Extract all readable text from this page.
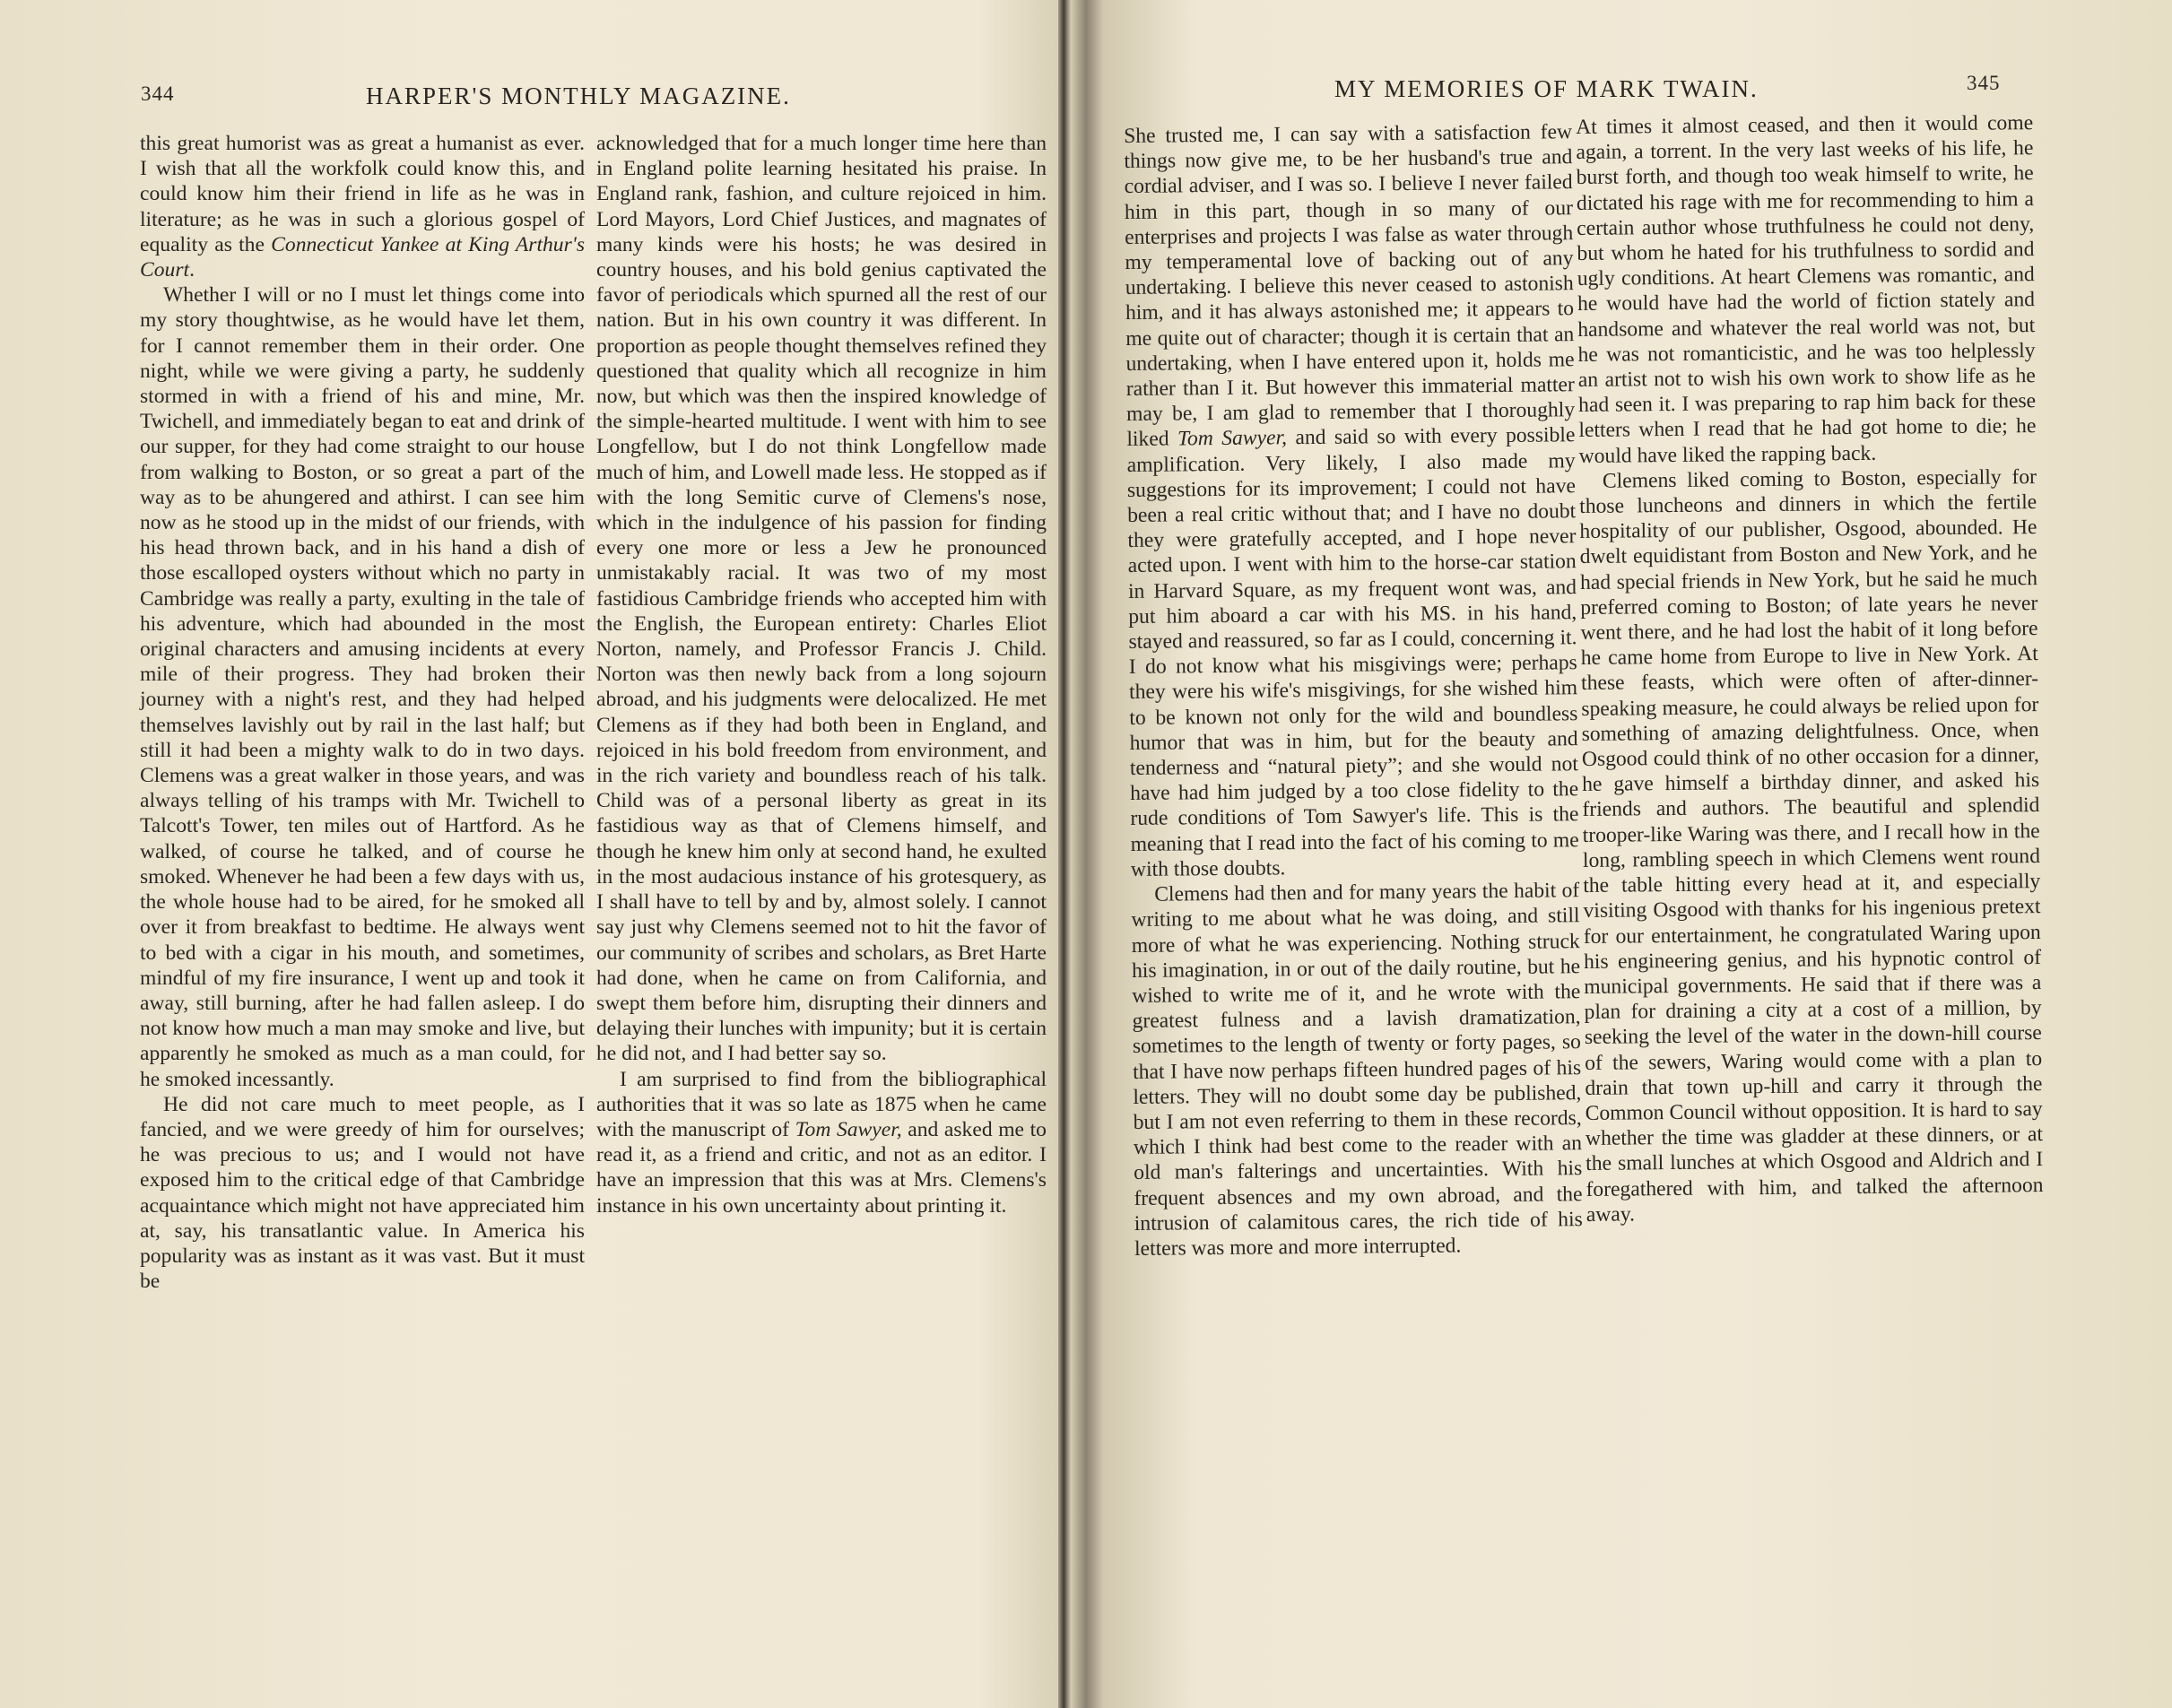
344	HARPER'S MONTHLY MAGAZINE.

this great humorist was as great a humanist as ever. I wish that all the workfolk could know this, and could know him their friend in life as he was in literature; as he was in such a glorious gospel of equality as the Connecticut Yankee at King Arthur's Court.

Whether I will or no I must let things come into my story thoughtwise, as he would have let them, for I cannot remember them in their order. One night, while we were giving a party, he suddenly stormed in with a friend of his and mine, Mr. Twichell, and immediately began to eat and drink of our supper, for they had come straight to our house from walking to Boston, or so great a part of the way as to be ahungered and athirst. I can see him now as he stood up in the midst of our friends, with his head thrown back, and in his hand a dish of those escalloped oysters without which no party in Cambridge was really a party, exulting in the tale of his adventure, which had abounded in the most original characters and amusing incidents at every mile of their progress. They had broken their journey with a night's rest, and they had helped themselves lavishly out by rail in the last half; but still it had been a mighty walk to do in two days. Clemens was a great walker in those years, and was always telling of his tramps with Mr. Twichell to Talcott's Tower, ten miles out of Hartford. As he walked, of course he talked, and of course he smoked. Whenever he had been a few days with us, the whole house had to be aired, for he smoked all over it from breakfast to bedtime. He always went to bed with a cigar in his mouth, and sometimes, mindful of my fire insurance, I went up and took it away, still burning, after he had fallen asleep. I do not know how much a man may smoke and live, but apparently he smoked as much as a man could, for he smoked incessantly.

He did not care much to meet people, as I fancied, and we were greedy of him for ourselves; he was precious to us; and I would not have exposed him to the critical edge of that Cambridge acquaintance which might not have appreciated him at, say, his transatlantic value. In America his popularity was as instant as it was vast. But it must be

acknowledged that for a much longer time here than in England polite learning hesitated his praise. In England rank, fashion, and culture rejoiced in him. Lord Mayors, Lord Chief Justices, and magnates of many kinds were his hosts; he was desired in country houses, and his bold genius captivated the favor of periodicals which spurned all the rest of our nation. But in his own country it was different. In proportion as people thought themselves refined they questioned that quality which all recognize in him now, but which was then the inspired knowledge of the simple-hearted multitude. I went with him to see Longfellow, but I do not think Longfellow made much of him, and Lowell made less. He stopped as if with the long Semitic curve of Clemens's nose, which in the indulgence of his passion for finding every one more or less a Jew he pronounced unmistakably racial. It was two of my most fastidious Cambridge friends who accepted him with the English, the European entirety: Charles Eliot Norton, namely, and Professor Francis J. Child. Norton was then newly back from a long sojourn abroad, and his judgments were delocalized. He met Clemens as if they had both been in England, and rejoiced in his bold freedom from environment, and in the rich variety and boundless reach of his talk. Child was of a personal liberty as great in its fastidious way as that of Clemens himself, and though he knew him only at second hand, he exulted in the most audacious instance of his grotesquery, as I shall have to tell by and by, almost solely. I cannot say just why Clemens seemed not to hit the favor of our community of scribes and scholars, as Bret Harte had done, when he came on from California, and swept them before him, disrupting their dinners and delaying their lunches with impunity; but it is certain he did not, and I had better say so.

I am surprised to find from the bibliographical authorities that it was so late as 1875 when he came with the manuscript of Tom Sawyer, and asked me to read it, as a friend and critic, and not as an editor. I have an impression that this was at Mrs. Clemens's instance in his own uncertainty about printing it.

MY MEMORIES OF MARK TWAIN.	345

She trusted me, I can say with a satisfaction few things now give me, to be her husband's true and cordial adviser, and I was so. I believe I never failed him in this part, though in so many of our enterprises and projects I was false as water through my temperamental love of backing out of any undertaking. I believe this never ceased to astonish him, and it has always astonished me; it appears to me quite out of character; though it is certain that an undertaking, when I have entered upon it, holds me rather than I it. But however this immaterial matter may be, I am glad to remember that I thoroughly liked Tom Sawyer, and said so with every possible amplification. Very likely, I also made my suggestions for its improvement; I could not have been a real critic without that; and I have no doubt they were gratefully accepted, and I hope never acted upon. I went with him to the horse-car station in Harvard Square, as my frequent wont was, and put him aboard a car with his MS. in his hand, stayed and reassured, so far as I could, concerning it. I do not know what his misgivings were; perhaps they were his wife's misgivings, for she wished him to be known not only for the wild and boundless humor that was in him, but for the beauty and tenderness and “natural piety”; and she would not have had him judged by a too close fidelity to the rude conditions of Tom Sawyer's life. This is the meaning that I read into the fact of his coming to me with those doubts.

Clemens had then and for many years the habit of writing to me about what he was doing, and still more of what he was experiencing. Nothing struck his imagination, in or out of the daily routine, but he wished to write me of it, and he wrote with the greatest fulness and a lavish dramatization, sometimes to the length of twenty or forty pages, so that I have now perhaps fifteen hundred pages of his letters. They will no doubt some day be published, but I am not even referring to them in these records, which I think had best come to the reader with an old man's falterings and uncertainties. With his frequent absences and my own abroad, and the intrusion of calamitous cares, the rich tide of his letters was more and more interrupted.

At times it almost ceased, and then it would come again, a torrent. In the very last weeks of his life, he burst forth, and though too weak himself to write, he dictated his rage with me for recommending to him a certain author whose truthfulness he could not deny, but whom he hated for his truthfulness to sordid and ugly conditions. At heart Clemens was romantic, and he would have had the world of fiction stately and handsome and whatever the real world was not, but he was not romanticistic, and he was too helplessly an artist not to wish his own work to show life as he had seen it. I was preparing to rap him back for these letters when I read that he had got home to die; he would have liked the rapping back.

Clemens liked coming to Boston, especially for those luncheons and dinners in which the fertile hospitality of our publisher, Osgood, abounded. He dwelt equidistant from Boston and New York, and he had special friends in New York, but he said he much preferred coming to Boston; of late years he never went there, and he had lost the habit of it long before he came home from Europe to live in New York. At these feasts, which were often of after-dinner-speaking measure, he could always be relied upon for something of amazing delightfulness. Once, when Osgood could think of no other occasion for a dinner, he gave himself a birthday dinner, and asked his friends and authors. The beautiful and splendid trooper-like Waring was there, and I recall how in the long, rambling speech in which Clemens went round the table hitting every head at it, and especially visiting Osgood with thanks for his ingenious pretext for our entertainment, he congratulated Waring upon his engineering genius, and his hypnotic control of municipal governments. He said that if there was a plan for draining a city at a cost of a million, by seeking the level of the water in the down-hill course of the sewers, Waring would come with a plan to drain that town up-hill and carry it through the Common Council without opposition. It is hard to say whether the time was gladder at these dinners, or at the small lunches at which Osgood and Aldrich and I foregathered with him, and talked the afternoon away.
